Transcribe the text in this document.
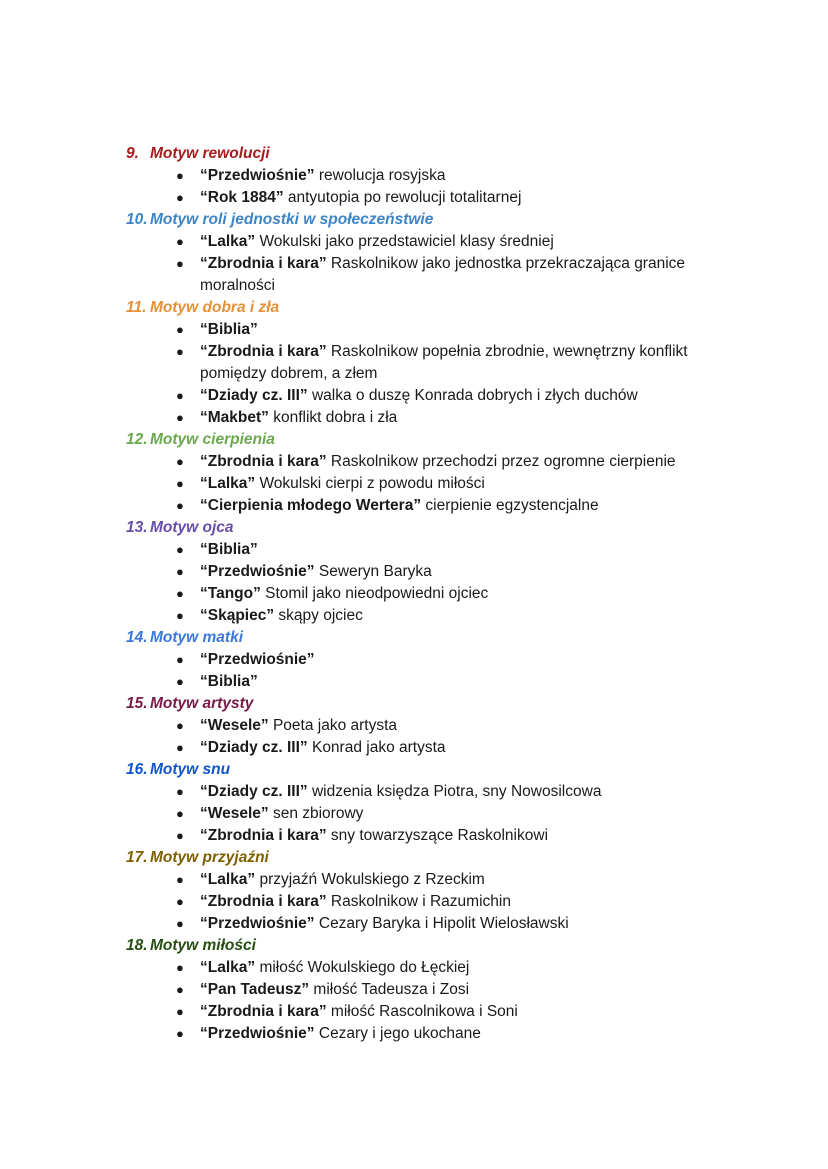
9. Motyw rewolucji
● “Przedwiośnie” rewolucja rosyjska
● “Rok 1884” antyutopia po rewolucji totalitarnej
10. Motyw roli jednostki w społeczeństwie
● “Lalka” Wokulski jako przedstawiciel klasy średniej
● “Zbrodnia i kara” Raskolnikow jako jednostka przekraczająca granice moralności
11. Motyw dobra i zła
● “Biblia”
● “Zbrodnia i kara” Raskolnikow popełnia zbrodnie, wewnętrzny konflikt pomiędzy dobrem, a złem
● “Dziady cz. III” walka o duszę Konrada dobrych i złych duchów
● “Makbet” konflikt dobra i zła
12. Motyw cierpienia
● “Zbrodnia i kara” Raskolnikow przechodzi przez ogromne cierpienie
● “Lalka” Wokulski cierpi z powodu miłości
● “Cierpienia młodego Wertera” cierpienie egzystencjalne
13. Motyw ojca
● “Biblia”
● “Przedwiośnie” Seweryn Baryka
● “Tango” Stomil jako nieodpowiedni ojciec
● “Skąpiec” skąpy ojciec
14. Motyw matki
● “Przedwiośnie”
● “Biblia”
15. Motyw artysty
● “Wesele” Poeta jako artysta
● “Dziady cz. III” Konrad jako artysta
16. Motyw snu
● “Dziady cz. III” widzenia księdza Piotra, sny Nowosilcowa
● “Wesele” sen zbiorowy
● “Zbrodnia i kara” sny towarzyszące Raskolnikowi
17. Motyw przyjaźni
● “Lalka” przyjaźń Wokulskiego z Rzeckim
● “Zbrodnia i kara” Raskolnikow i Razumichin
● “Przedwiośnie” Cezary Baryka i Hipolit Wielosławski
18. Motyw miłości
● “Lalka” miłość Wokulskiego do Łęckiej
● “Pan Tadeusz” miłość Tadeusza i Zosi
● “Zbrodnia i kara” miłość Rascolnikowa i Soni
● “Przedwiośnie” Cezary i jego ukochane
